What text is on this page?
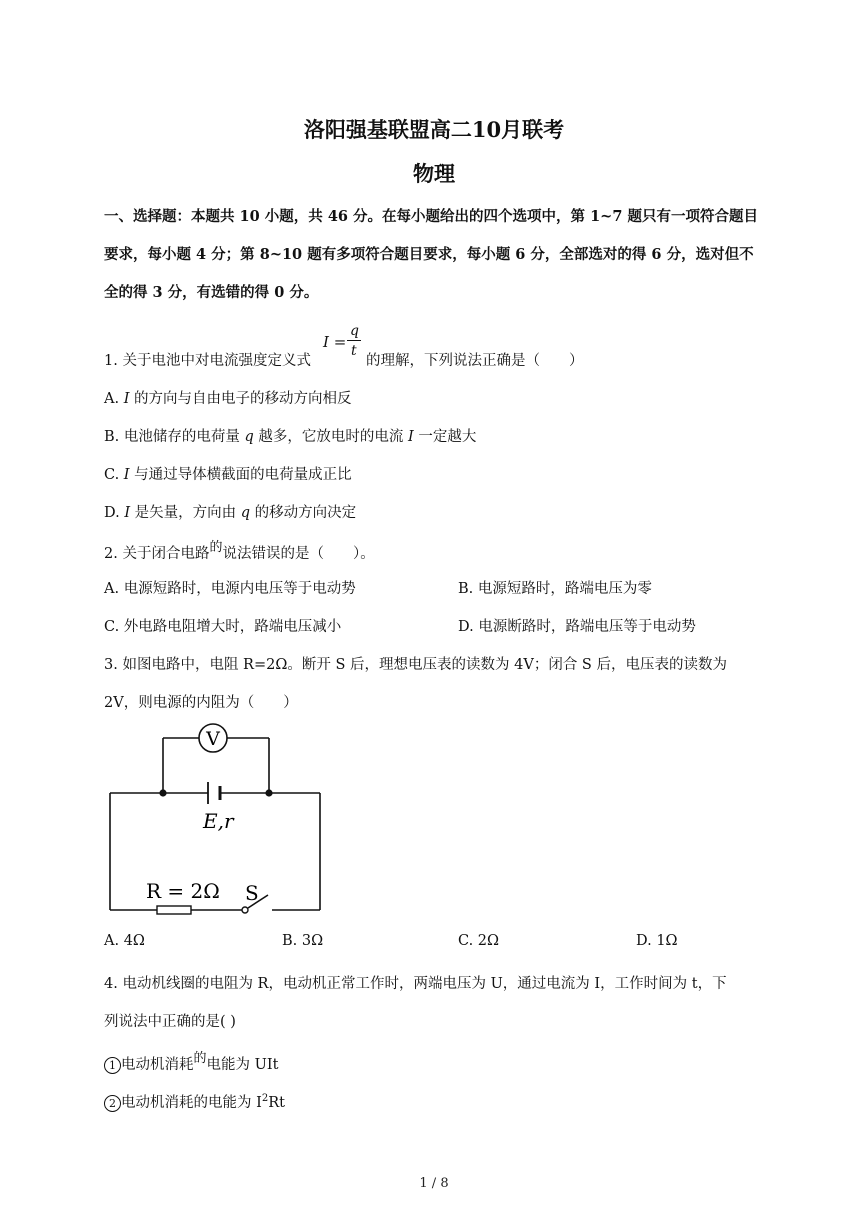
洛阳强基联盟高二10月联考
物理
一、选择题：本题共 10 小题，共 46 分。在每小题给出的四个选项中，第 1~7 题只有一项符合题目
要求，每小题 4 分；第 8~10 题有多项符合题目要求，每小题 6 分，全部选对的得 6 分，选对但不
全的得 3 分，有选错的得 0 分。
1. 关于电池中对电流强度定义式
I =
q
t
的理解，下列说法正确是（　　）
A. I 的方向与自由电子的移动方向相反
B. 电池储存的电荷量 q 越多，它放电时的电流 I 一定越大
C. I 与通过导体横截面的电荷量成正比
D. I 是矢量，方向由 q 的移动方向决定
2. 关于闭合电路的说法错误的是（　　）。
A. 电源短路时，电源内电压等于电动势	B. 电源短路时，路端电压为零
C. 外电路电阻增大时，路端电压减小	D. 电源断路时，路端电压等于电动势
3. 如图电路中，电阻 R=2Ω。断开 S 后，理想电压表的读数为 4V；闭合 S 后，电压表的读数为
2V，则电源的内阻为（　　）
V
E,r
R = 2Ω S
A. 4Ω	B. 3Ω	C. 2Ω	D. 1Ω
4. 电动机线圈的电阻为 R，电动机正常工作时，两端电压为 U，通过电流为 I，工作时间为 t，下
列说法中正确的是( )
1 电动机消耗的电能为 UIt
2 电动机消耗的电能为 $I^2Rt$
1 / 8
